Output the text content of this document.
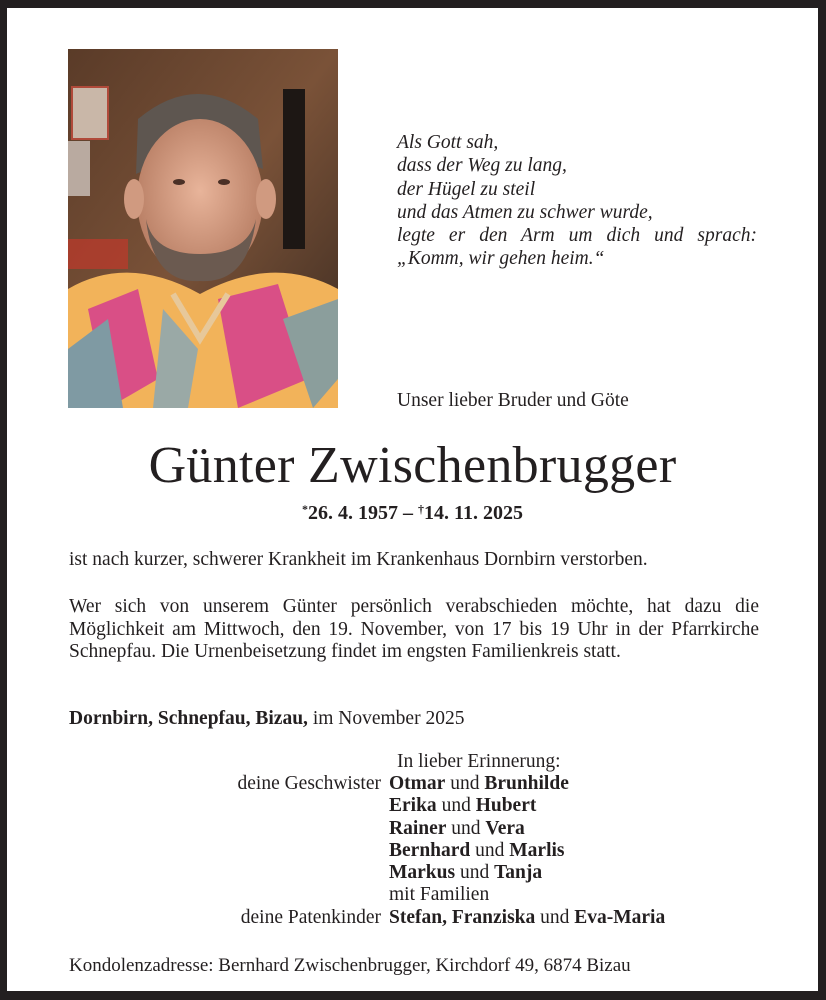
Als Gott sah,
dass der Weg zu lang,
der Hügel zu steil
und das Atmen zu schwer wurde,
legte er den Arm um dich und sprach:
„Komm, wir gehen heim.“
Unser lieber Bruder und Göte
Günter Zwischenbrugger
*26. 4. 1957 – †14. 11. 2025
ist nach kurzer, schwerer Krankheit im Krankenhaus Dornbirn verstorben.
Wer sich von unserem Günter persönlich verabschieden möchte, hat dazu die Möglichkeit am Mittwoch, den 19. November, von 17 bis 19 Uhr in der Pfarrkirche Schnepfau. Die Urnenbeisetzung findet im engsten Familienkreis statt.
Dornbirn, Schnepfau, Bizau, im November 2025
In lieber Erinnerung:
deine Geschwister Otmar und Brunhilde
Erika und Hubert
Rainer und Vera
Bernhard und Marlis
Markus und Tanja
mit Familien
deine Patenkinder Stefan, Franziska und Eva-Maria
Kondolenzadresse: Bernhard Zwischenbrugger, Kirchdorf 49, 6874 Bizau
